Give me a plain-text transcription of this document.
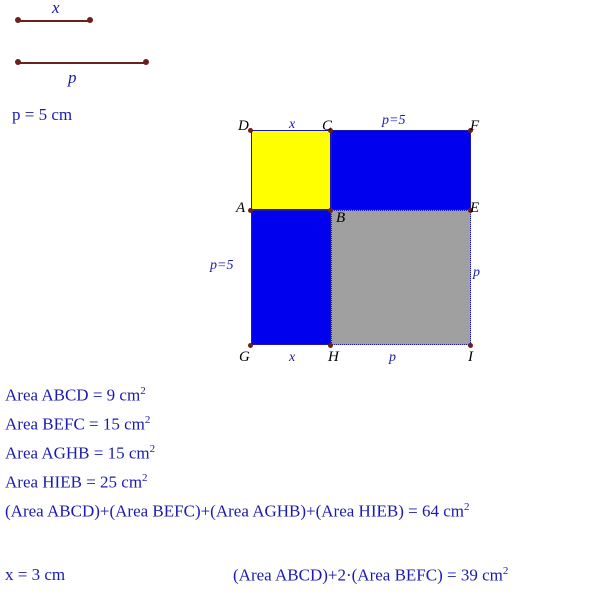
x
p
p = 5 cm
D	C	F
A
B
E
G	H	I
x	p=5
p=5	p
x	p
Area ABCD = 9 $cm^2$
Area BEFC = 15 $cm^2$
Area AGHB = 15 $cm^2$
Area HIEB = 25 $cm^2$
(Area ABCD)+(Area BEFC)+(Area AGHB)+(Area HIEB) = 64 $cm^2$
x = 3 cm	(Area ABCD)+2·(Area BEFC) = 39 $cm^2$
